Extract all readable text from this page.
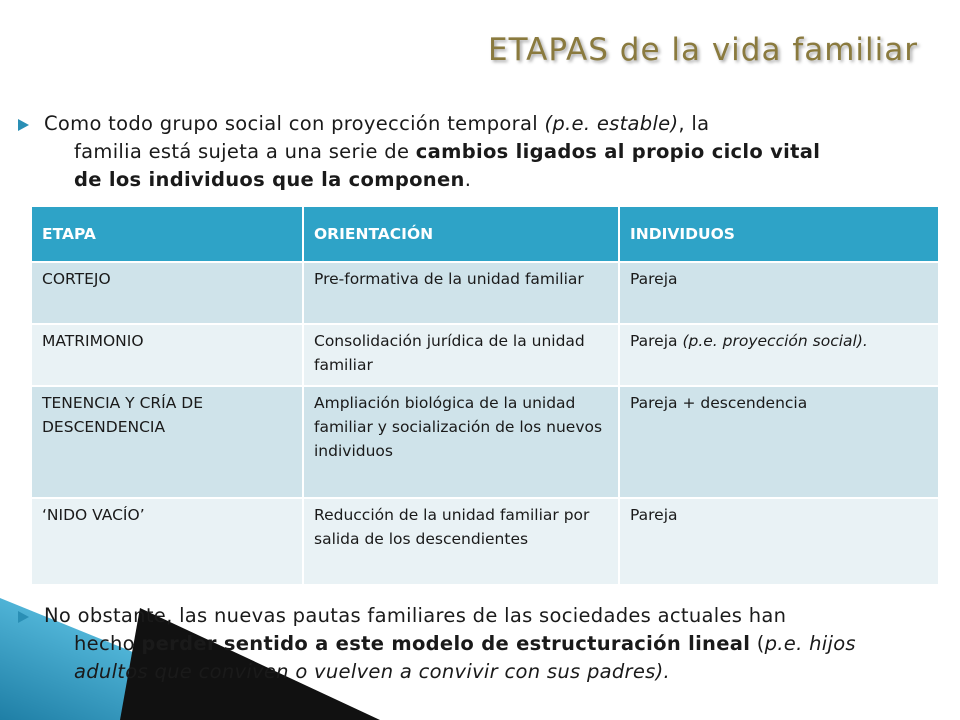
ETAPAS de la vida familiar
Como todo grupo social con proyección temporal (p.e. estable), la
familia está sujeta a una serie de cambios ligados al propio ciclo vital
de los individuos que la componen.
ETAPA	ORIENTACIÓN	INDIVIDUOS
CORTEJO	Pre-formativa de la unidad familiar	Pareja
MATRIMONIO	Consolidación jurídica de la unidad familiar	Pareja (p.e. proyección social).
TENENCIA Y CRÍA DE DESCENDENCIA	Ampliación biológica de la unidad familiar y socialización de los nuevos individuos	Pareja + descendencia
‘NIDO VACÍO’	Reducción de la unidad familiar por salida de los descendientes	Pareja
No obstante, las nuevas pautas familiares de las sociedades actuales han
hecho perder sentido a este modelo de estructuración lineal (p.e. hijos
adultos que conviven o vuelven a convivir con sus padres).
